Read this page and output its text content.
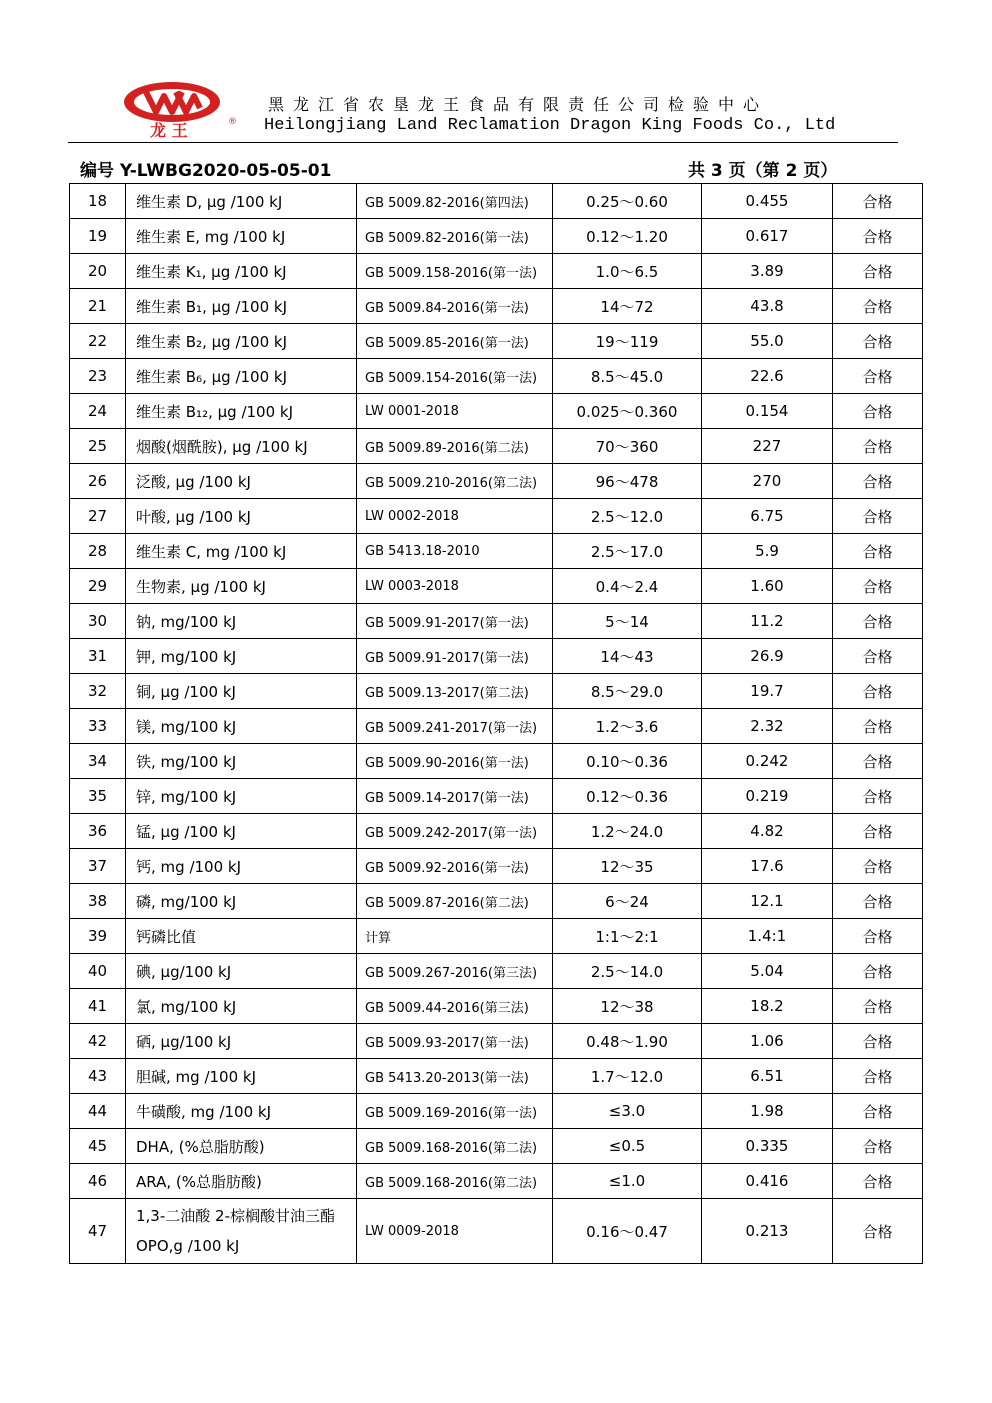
龙 王	®
黑龙江省农垦龙王食品有限责任公司检验中心
Heilongjiang Land Reclamation Dragon King Foods Co., Ltd
编号 Y-LWBG2020-05-05-01	共 3 页（第 2 页）
18	维生素 D, μg /100 kJ	GB 5009.82-2016(第四法)	0.25～0.60	0.455	合格
19	维生素 E, mg /100 kJ	GB 5009.82-2016(第一法)	0.12～1.20	0.617	合格
20	维生素 K₁, μg /100 kJ	GB 5009.158-2016(第一法)	1.0～6.5	3.89	合格
21	维生素 B₁, μg /100 kJ	GB 5009.84-2016(第一法)	14～72	43.8	合格
22	维生素 B₂, μg /100 kJ	GB 5009.85-2016(第一法)	19～119	55.0	合格
23	维生素 B₆, μg /100 kJ	GB 5009.154-2016(第一法)	8.5～45.0	22.6	合格
24	维生素 B₁₂, μg /100 kJ	LW 0001-2018	0.025～0.360	0.154	合格
25	烟酸(烟酰胺), μg /100 kJ	GB 5009.89-2016(第二法)	70～360	227	合格
26	泛酸, μg /100 kJ	GB 5009.210-2016(第二法)	96～478	270	合格
27	叶酸, μg /100 kJ	LW 0002-2018	2.5～12.0	6.75	合格
28	维生素 C, mg /100 kJ	GB 5413.18-2010	2.5～17.0	5.9	合格
29	生物素, μg /100 kJ	LW 0003-2018	0.4～2.4	1.60	合格
30	钠, mg/100 kJ	GB 5009.91-2017(第一法)	5～14	11.2	合格
31	钾, mg/100 kJ	GB 5009.91-2017(第一法)	14～43	26.9	合格
32	铜, μg /100 kJ	GB 5009.13-2017(第二法)	8.5～29.0	19.7	合格
33	镁, mg/100 kJ	GB 5009.241-2017(第一法)	1.2～3.6	2.32	合格
34	铁, mg/100 kJ	GB 5009.90-2016(第一法)	0.10～0.36	0.242	合格
35	锌, mg/100 kJ	GB 5009.14-2017(第一法)	0.12～0.36	0.219	合格
36	锰, μg /100 kJ	GB 5009.242-2017(第一法)	1.2～24.0	4.82	合格
37	钙, mg /100 kJ	GB 5009.92-2016(第一法)	12～35	17.6	合格
38	磷, mg/100 kJ	GB 5009.87-2016(第二法)	6～24	12.1	合格
39	钙磷比值	计算	1:1～2:1	1.4:1	合格
40	碘, μg/100 kJ	GB 5009.267-2016(第三法)	2.5～14.0	5.04	合格
41	氯, mg/100 kJ	GB 5009.44-2016(第三法)	12～38	18.2	合格
42	硒, μg/100 kJ	GB 5009.93-2017(第一法)	0.48～1.90	1.06	合格
43	胆碱, mg /100 kJ	GB 5413.20-2013(第一法)	1.7～12.0	6.51	合格
44	牛磺酸, mg /100 kJ	GB 5009.169-2016(第一法)	≤3.0	1.98	合格
45	DHA, (%总脂肪酸)	GB 5009.168-2016(第二法)	≤0.5	0.335	合格
46	ARA, (%总脂肪酸)	GB 5009.168-2016(第二法)	≤1.0	0.416	合格
47	1,3-二油酸 2-棕榈酸甘油三酯 OPO,g /100 kJ	LW 0009-2018	0.16～0.47	0.213	合格
